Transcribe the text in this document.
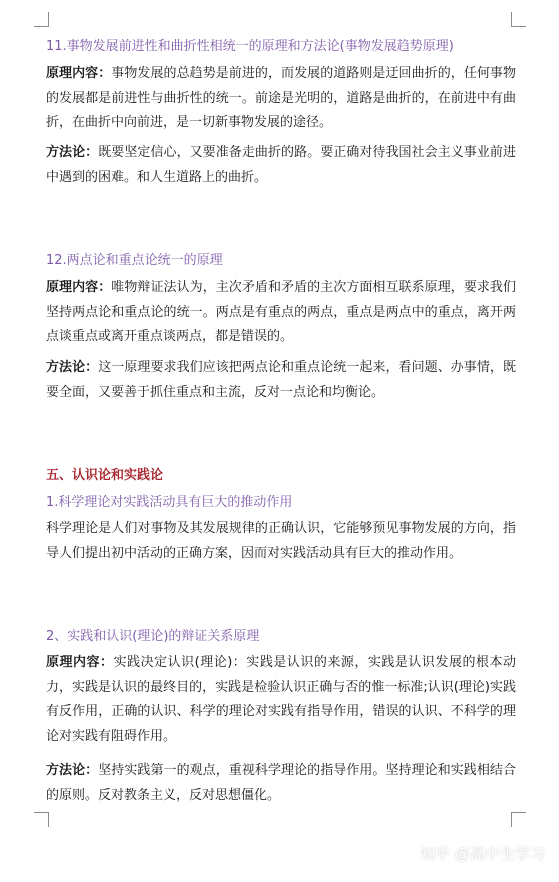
11.事物发展前进性和曲折性相统一的原理和方法论(事物发展趋势原理)

原理内容：事物发展的总趋势是前进的，而发展的道路则是迂回曲折的，任何事物的发展都是前进性与曲折性的统一。前途是光明的，道路是曲折的，在前进中有曲折，在曲折中向前进，是一切新事物发展的途径。

方法论：既要坚定信心，又要准备走曲折的路。要正确对待我国社会主义事业前进中遇到的困难。和人生道路上的曲折。

12.两点论和重点论统一的原理

原理内容：唯物辩证法认为，主次矛盾和矛盾的主次方面相互联系原理，要求我们坚持两点论和重点论的统一。两点是有重点的两点，重点是两点中的重点，离开两点谈重点或离开重点谈两点，都是错误的。

方法论：这一原理要求我们应该把两点论和重点论统一起来，看问题、办事情，既要全面，又要善于抓住重点和主流，反对一点论和均衡论。

五、认识论和实践论
1.科学理论对实践活动具有巨大的推动作用

科学理论是人们对事物及其发展规律的正确认识，它能够预见事物发展的方向，指导人们提出初中活动的正确方案，因而对实践活动具有巨大的推动作用。

2、实践和认识(理论)的辩证关系原理

原理内容：实践决定认识(理论)：实践是认识的来源，实践是认识发展的根本动力，实践是认识的最终目的，实践是检验认识正确与否的惟一标准;认识(理论)实践有反作用，正确的认识、科学的理论对实践有指导作用，错误的认识、不科学的理论对实践有阻碍作用。

方法论：坚持实践第一的观点，重视科学理论的指导作用。坚持理论和实践相结合的原则。反对教条主义，反对思想僵化。

知乎 @高中生学习
